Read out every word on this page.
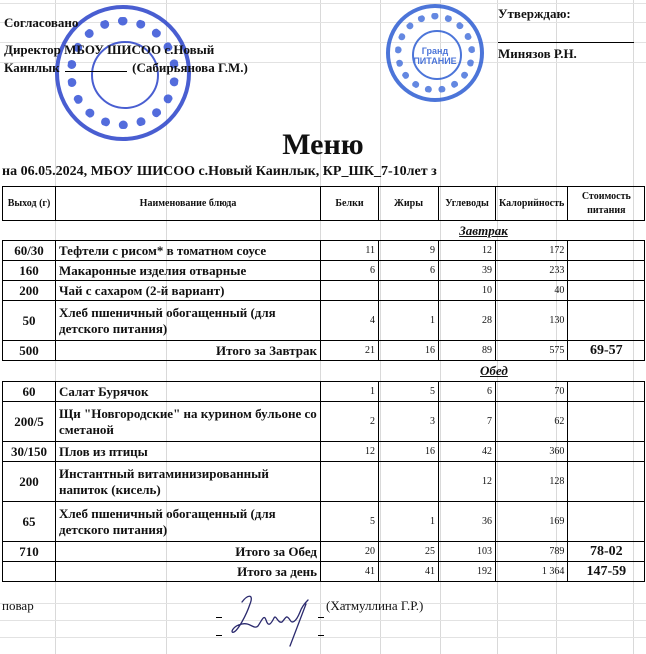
Согласовано
Директор МБОУ ШИСОО с.Новый
Каинлык	(Сабирьянова Г.М.)
Гранд
ПИТАНИЕ
Утверждаю:
Минязов Р.Н.
Меню
на 06.05.2024, МБОУ ШИСОО с.Новый Каинлык, КР_ШК_7-10лет з
Выход (г)	Наименование блюда	Белки	Жиры	Углеводы	Калорийность	Стоимость питания
Завтрак						
60/30	Тефтели с рисом* в томатном соусе	11	9	12	172	
160	Макаронные изделия отварные	6	6	39	233	
200	Чай с сахаром (2-й вариант)			10	40	
50	Хлеб пшеничный обогащенный (для детского питания)	4	1	28	130	
500	Итого за Завтрак	21	16	89	575	69-57
Обед						
60	Салат Бурячок	1	5	6	70	
200/5	Щи "Новгородские" на курином бульоне со сметаной	2	3	7	62	
30/150	Плов из птицы	12	16	42	360	
200	Инстантный витаминизированный напиток (кисель)			12	128	
65	Хлеб пшеничный обогащенный (для детского питания)	5	1	36	169	
710	Итого за Обед	20	25	103	789	78-02
	Итого за день	41	41	192	1 364	147-59
повар	(Хатмуллина Г.Р.)
